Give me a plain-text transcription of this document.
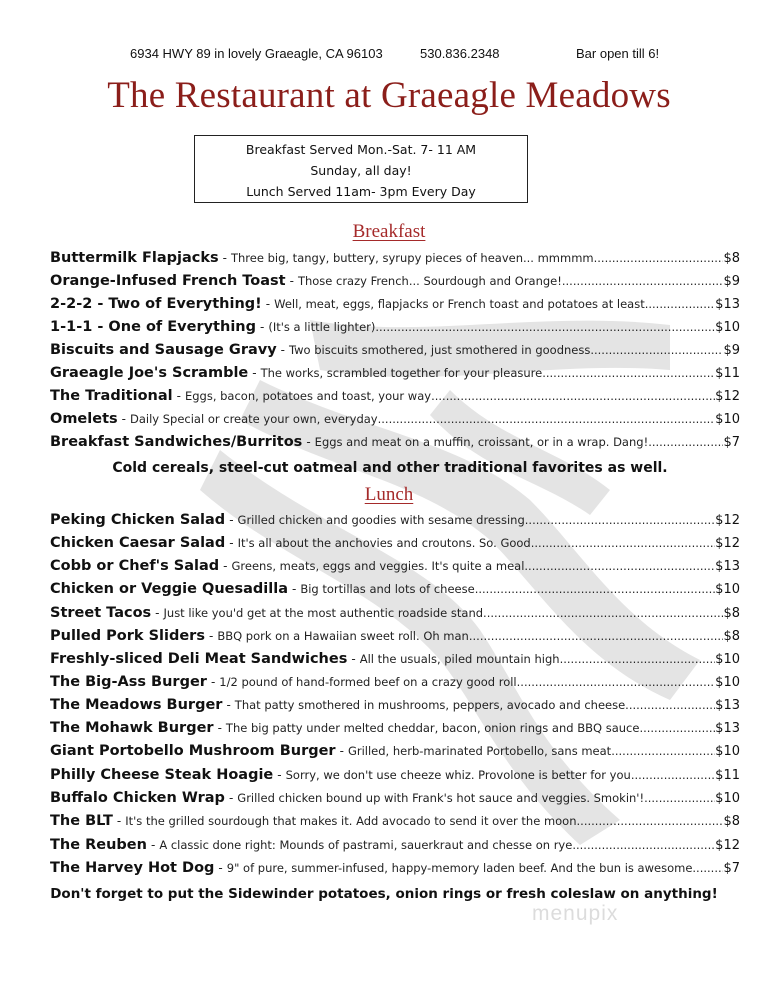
6934 HWY 89 in lovely Graeagle, CA 96103	530.836.2348	Bar open till 6!
The Restaurant at Graeagle Meadows
Breakfast Served Mon.-Sat. 7- 11 AM
Sunday, all day!
Lunch Served 11am- 3pm Every Day
Breakfast
Buttermilk Flapjacks - Three big, tangy, buttery, syrupy pieces of heaven... mmmmm .....	$8
Orange-Infused French Toast - Those crazy French... Sourdough and Orange! .....	$9
2-2-2 - Two of Everything! - Well, meat, eggs, flapjacks or French toast and potatoes at least .....	$13
1-1-1 - One of Everything - (It's a little lighter) .....	$10
Biscuits and Sausage Gravy - Two biscuits smothered, just smothered in goodness .....	$9
Graeagle Joe's Scramble - The works, scrambled together for your pleasure .....	$11
The Traditional - Eggs, bacon, potatoes and toast, your way .....	$12
Omelets - Daily Special or create your own, everyday .....	$10
Breakfast Sandwiches/Burritos - Eggs and meat on a muffin, croissant, or in a wrap. Dang! .....	$7
Cold cereals, steel-cut oatmeal and other traditional favorites as well.
Lunch
Peking Chicken Salad - Grilled chicken and goodies with sesame dressing .....	$12
Chicken Caesar Salad - It's all about the anchovies and croutons. So. Good .....	$12
Cobb or Chef's Salad - Greens, meats, eggs and veggies. It's quite a meal .....	$13
Chicken or Veggie Quesadilla - Big tortillas and lots of cheese .....	$10
Street Tacos - Just like you'd get at the most authentic roadside stand .....	$8
Pulled Pork Sliders - BBQ pork on a Hawaiian sweet roll. Oh man .....	$8
Freshly-sliced Deli Meat Sandwiches - All the usuals, piled mountain high .....	$10
The Big-Ass Burger - 1/2 pound of hand-formed beef on a crazy good roll .....	$10
The Meadows Burger - That patty smothered in mushrooms, peppers, avocado and cheese .....	$13
The Mohawk Burger - The big patty under melted cheddar, bacon, onion rings and BBQ sauce .....	$13
Giant Portobello Mushroom Burger - Grilled, herb-marinated Portobello, sans meat .....	$10
Philly Cheese Steak Hoagie - Sorry, we don't use cheeze whiz. Provolone is better for you .....	$11
Buffalo Chicken Wrap - Grilled chicken bound up with Frank's hot sauce and veggies. Smokin'! .....	$10
The BLT - It's the grilled sourdough that makes it. Add avocado to send it over the moon .....	$8
The Reuben - A classic done right: Mounds of pastrami, sauerkraut and chesse on rye .....	$12
The Harvey Hot Dog - 9" of pure, summer-infused, happy-memory laden beef. And the bun is awesome ..... $7
Don't forget to put the Sidewinder potatoes, onion rings or fresh coleslaw on anything!
menupix
